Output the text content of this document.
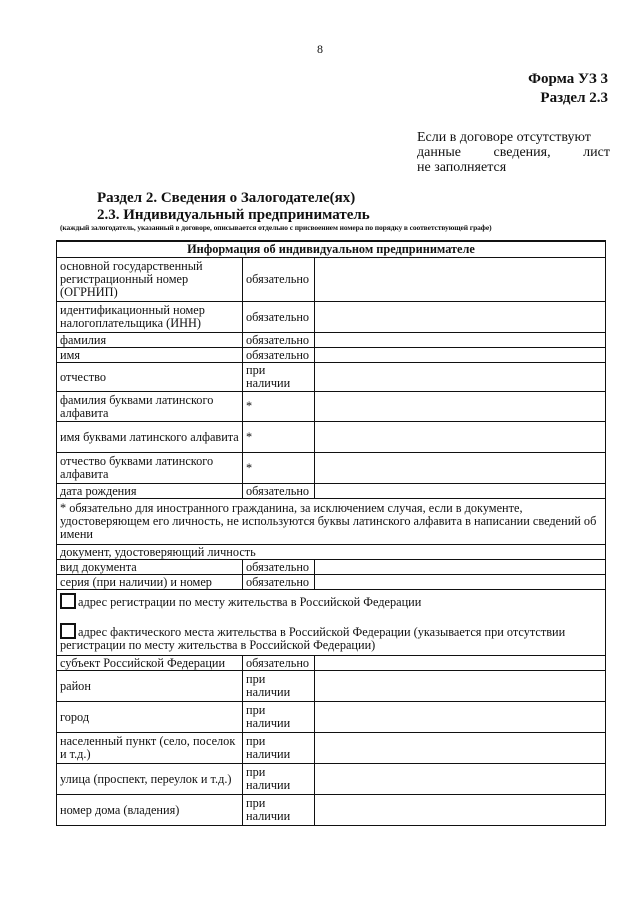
8
Форма УЗ 3
Раздел 2.3
Если в договоре отсутствуют
данные сведения, лист
не заполняется
Раздел 2. Сведения о Залогодателе(ях)
2.3. Индивидуальный предприниматель
(каждый залогодатель, указанный в договоре, описывается отдельно с присвоением номера по порядку в соответствующей графе)
Информация об индивидуальном предпринимателе		
основной государственный регистрационный номер (ОГРНИП)	обязательно	
идентификационный номер налогоплательщика (ИНН)	обязательно	
фамилия	обязательно	
имя	обязательно	
отчество	при наличии	
фамилия буквами латинского алфавита	*	
имя буквами латинского алфавита	*	
отчество буквами латинского алфавита	*	
дата рождения	обязательно	
* обязательно для иностранного гражданина, за исключением случая, если в документе, удостоверяющем его личность, не используются буквы латинского алфавита в написании сведений об имени		
документ, удостоверяющий личность		
вид документа	обязательно	
серия (при наличии) и номер	обязательно	

адрес регистрации по месту жительства в Российской Федерации
адрес фактического места жительства в Российской Федерации (указывается при отсутствии регистрации по месту жительства в Российской Федерации)		

субъект Российской Федерации	обязательно	
район	при наличии	
город	при наличии	
населенный пункт (село, поселок и т.д.)	при наличии	
улица (проспект, переулок и т.д.)	при наличии	
номер дома (владения)	при наличии	
